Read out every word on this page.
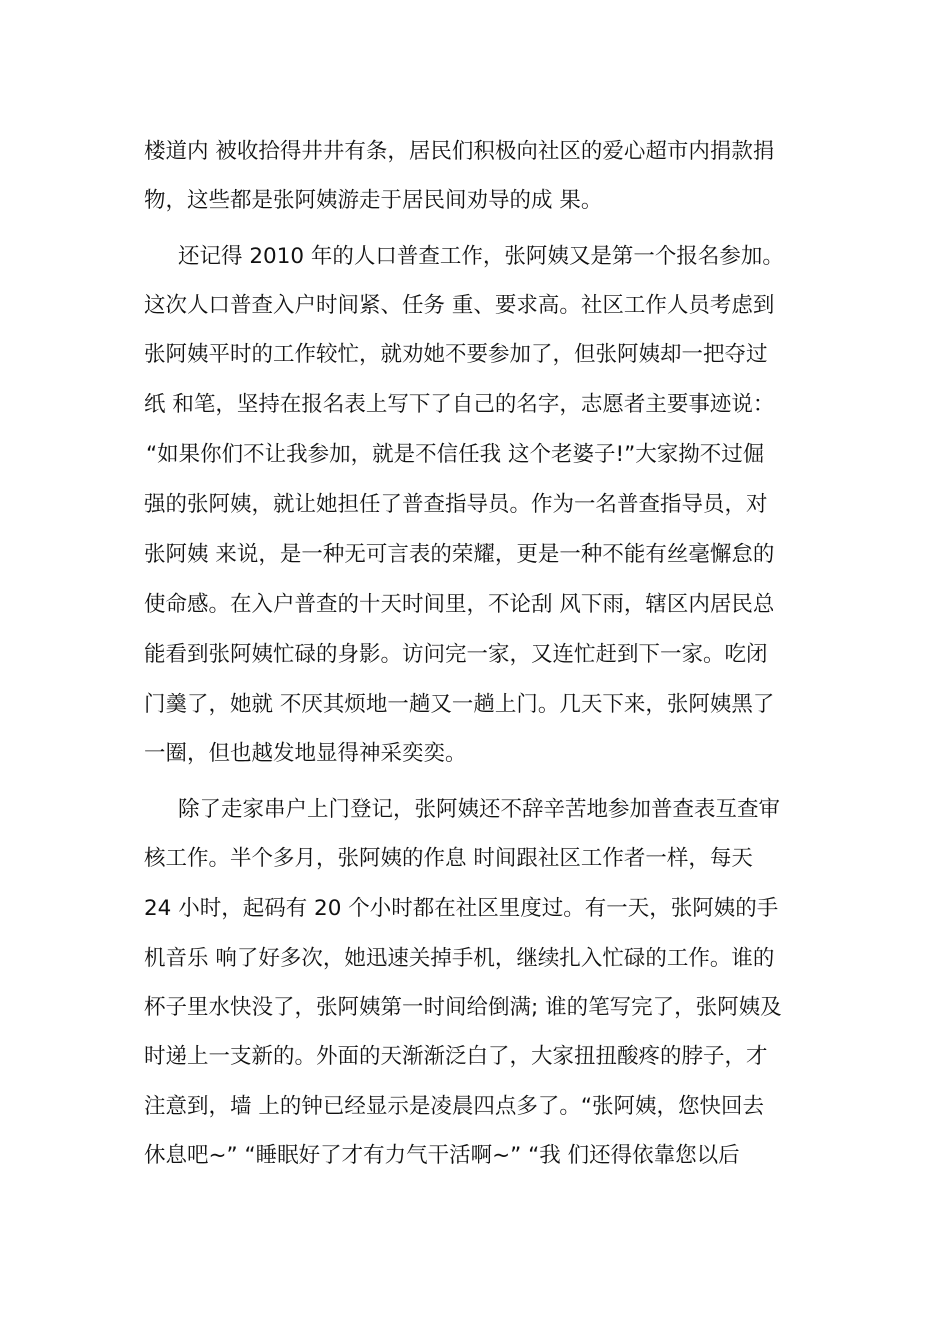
楼道内 被收拾得井井有条，居民们积极向社区的爱心超市内捐款捐
物，这些都是张阿姨游走于居民间劝导的成 果。
还记得 2010 年的人口普查工作，张阿姨又是第一个报名参加。
这次人口普查入户时间紧、任务 重、要求高。社区工作人员考虑到
张阿姨平时的工作较忙，就劝她不要参加了，但张阿姨却一把夺过
纸 和笔，坚持在报名表上写下了自己的名字，志愿者主要事迹说：
“如果你们不让我参加，就是不信任我 这个老婆子!”大家拗不过倔
强的张阿姨，就让她担任了普查指导员。作为一名普查指导员，对
张阿姨 来说，是一种无可言表的荣耀，更是一种不能有丝毫懈怠的
使命感。在入户普查的十天时间里，不论刮 风下雨，辖区内居民总
能看到张阿姨忙碌的身影。访问完一家，又连忙赶到下一家。吃闭
门羹了，她就 不厌其烦地一趟又一趟上门。几天下来，张阿姨黑了
一圈，但也越发地显得神采奕奕。
除了走家串户上门登记，张阿姨还不辞辛苦地参加普查表互查审
核工作。半个多月，张阿姨的作息 时间跟社区工作者一样，每天
24 小时，起码有 20 个小时都在社区里度过。有一天，张阿姨的手
机音乐 响了好多次，她迅速关掉手机，继续扎入忙碌的工作。谁的
杯子里水快没了，张阿姨第一时间给倒满; 谁的笔写完了，张阿姨及
时递上一支新的。外面的天渐渐泛白了，大家扭扭酸疼的脖子，才
注意到，墙 上的钟已经显示是凌晨四点多了。“张阿姨，您快回去
休息吧~” “睡眠好了才有力气干活啊~” “我 们还得依靠您以后
